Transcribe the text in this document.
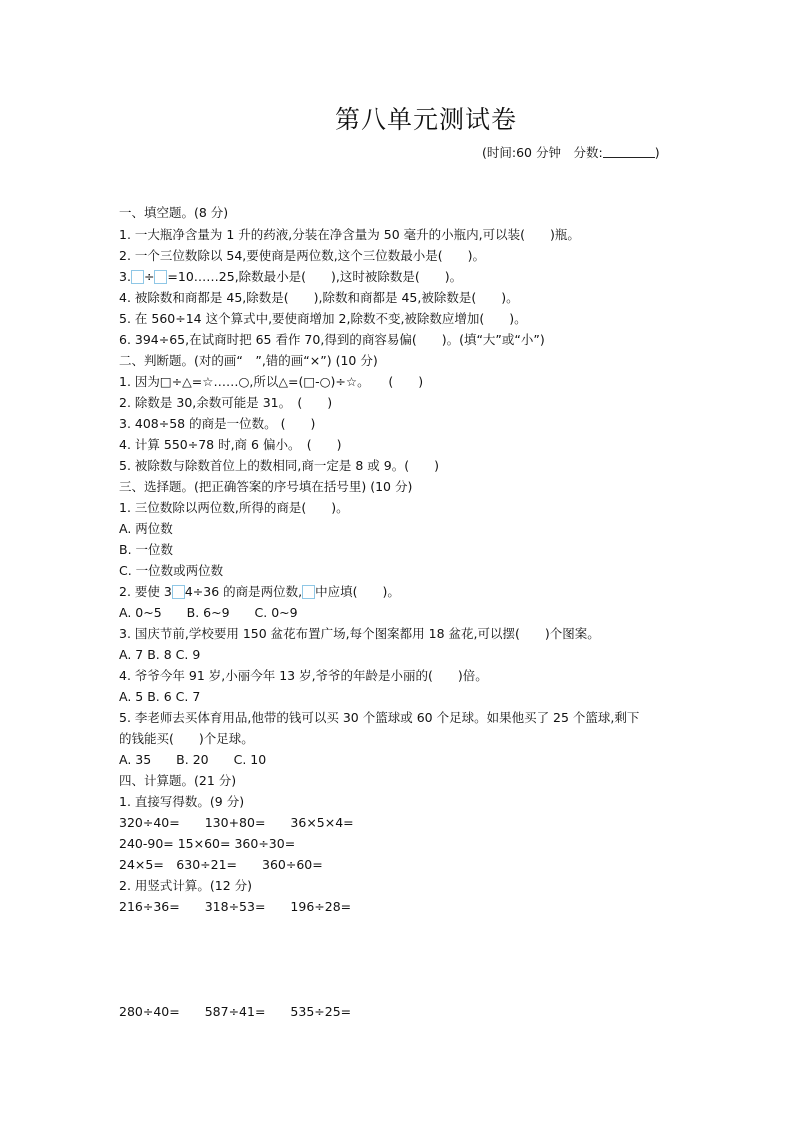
第八单元测试卷
(时间:60 分钟　分数:	)
一、填空题。(8 分)
1. 一大瓶净含量为 1 升的药液,分装在净含量为 50 毫升的小瓶内,可以装(　　)瓶。
2. 一个三位数除以 54,要使商是两位数,这个三位数最小是(　　)。
3. ÷ =10……25,除数最小是(　　),这时被除数是(　　)。
4. 被除数和商都是 45,除数是(　　),除数和商都是 45,被除数是(　　)。
5. 在 560÷14 这个算式中,要使商增加 2,除数不变,被除数应增加(　　)。
6. 394÷65,在试商时把 65 看作 70,得到的商容易偏(　　)。(填“大”或“小”)
二、判断题。(对的画“　”,错的画“×”) (10 分)
1. 因为□÷△=☆……○,所以△=(□-○)÷☆。　　(　　)
2. 除数是 30,余数可能是 31。　(　　)
3. 408÷58 的商是一位数。 (　　)
4. 计算 550÷78 时,商 6 偏小。　(　　)
5. 被除数与除数首位上的数相同,商一定是 8 或 9。(　　)
三、选择题。(把正确答案的序号填在括号里) (10 分)
1. 三位数除以两位数,所得的商是(　　)。
A. 两位数
B. 一位数
C. 一位数或两位数
2. 要使 3 4÷36 的商是两位数, 中应填(　　)。
A. 0~5　　B. 6~9　　C. 0~9
3. 国庆节前,学校要用 150 盆花布置广场,每个图案都用 18 盆花,可以摆(　　)个图案。
A. 7 B. 8 C. 9
4. 爷爷今年 91 岁,小丽今年 13 岁,爷爷的年龄是小丽的(　　)倍。
A. 5 B. 6 C. 7
5. 李老师去买体育用品,他带的钱可以买 30 个篮球或 60 个足球。如果他买了 25 个篮球,剩下
的钱能买(　　)个足球。
A. 35　　B. 20　　C. 10
四、计算题。(21 分)
1. 直接写得数。(9 分)
320÷40=　　130+80=　　36×5×4=
240-90= 15×60= 360÷30=
24×5=　630÷21=　　360÷60=
2. 用竖式计算。(12 分)
216÷36=　　318÷53=　　196÷28=
280÷40=　　587÷41=　　535÷25=
